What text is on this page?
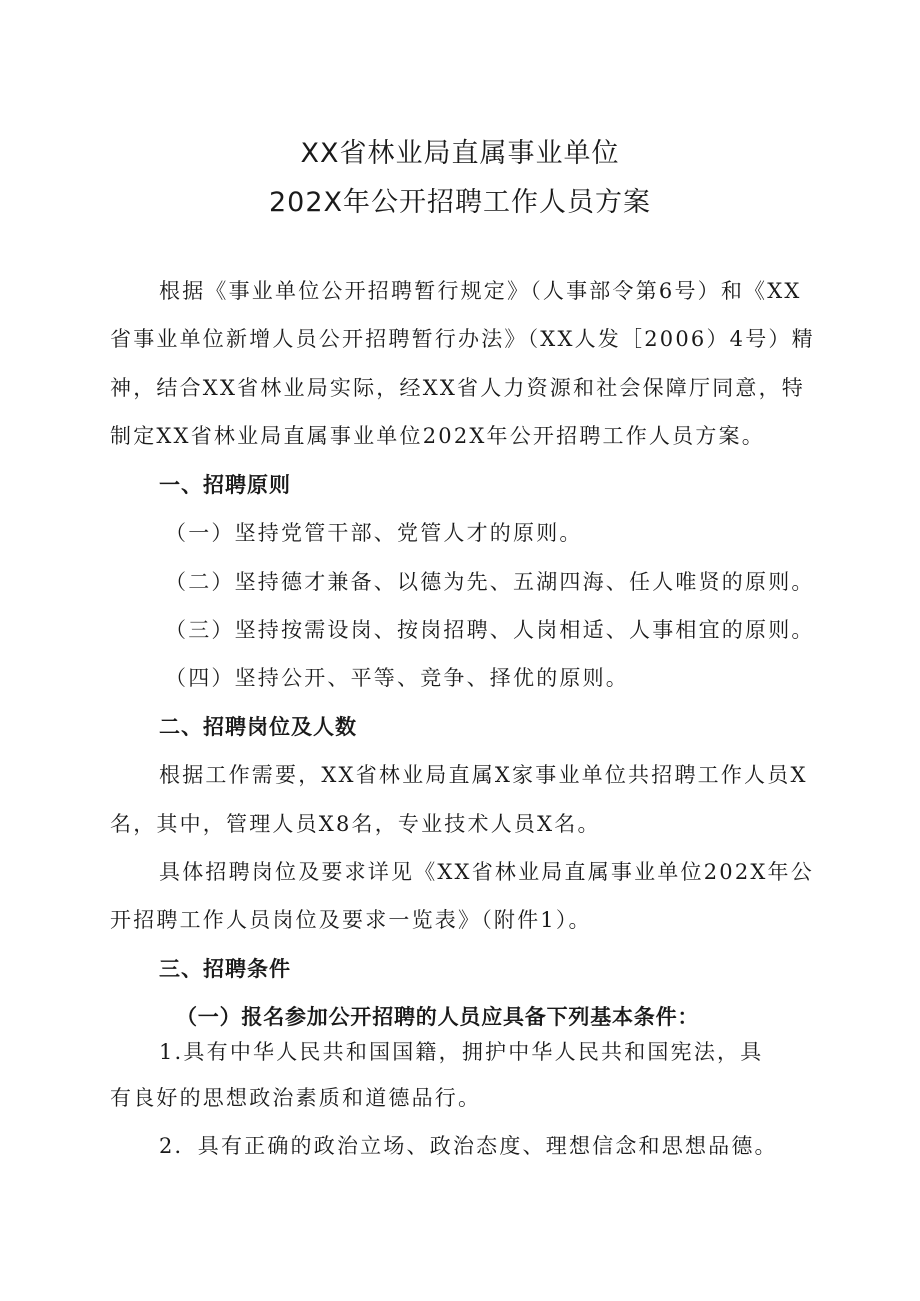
XX省林业局直属事业单位
202X年公开招聘工作人员方案
根据《事业单位公开招聘暂行规定》（人事部令第6号）和《XX
省事业单位新增人员公开招聘暂行办法》（XX人发［2006）4号）精
神，结合XX省林业局实际，经XX省人力资源和社会保障厅同意，特
制定XX省林业局直属事业单位202X年公开招聘工作人员方案。
一、招聘原则
（一）坚持党管干部、党管人才的原则。
（二）坚持德才兼备、以德为先、五湖四海、任人唯贤的原则。
（三）坚持按需设岗、按岗招聘、人岗相适、人事相宜的原则。
（四）坚持公开、平等、竞争、择优的原则。
二、招聘岗位及人数
根据工作需要，XX省林业局直属X家事业单位共招聘工作人员X
名，其中，管理人员X8名，专业技术人员X名。
具体招聘岗位及要求详见《XX省林业局直属事业单位202X年公
开招聘工作人员岗位及要求一览表》（附件1）。
三、招聘条件
（一）报名参加公开招聘的人员应具备下列基本条件：
1.具有中华人民共和国国籍，拥护中华人民共和国宪法，具
有良好的思想政治素质和道德品行。
2．具有正确的政治立场、政治态度、理想信念和思想品德。
